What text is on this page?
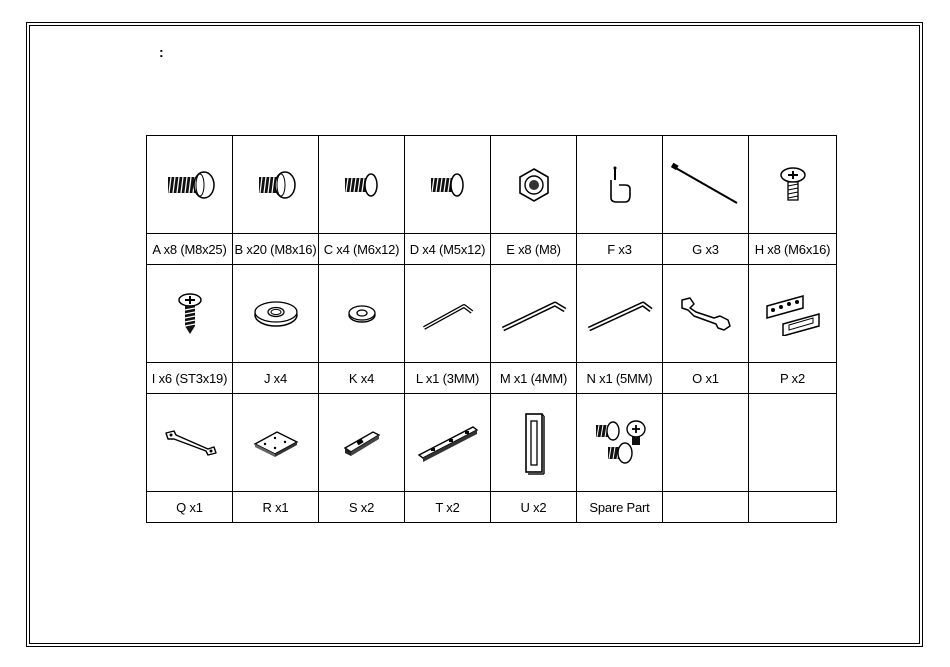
:

A x8 (M8x25)	B x20 (M8x16)	C x4 (M6x12)	D x4 (M5x12)	E x8 (M8)	F x3	G x3	H x8 (M6x16)

I x6 (ST3x19)	J x4	K x4	L x1 (3MM)	M x1 (4MM)	N x1 (5MM)	O x1	P x2

Q x1	R x1	S x2	T x2	U x2	Spare Part		
